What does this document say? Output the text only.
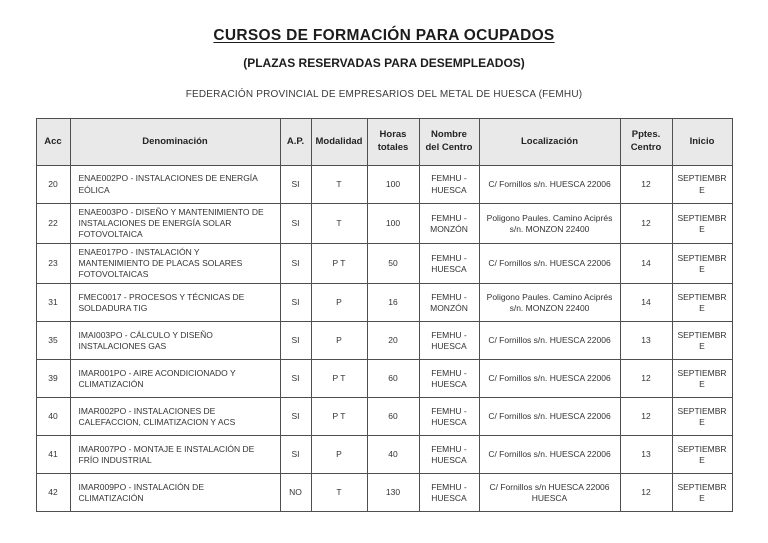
CURSOS DE FORMACIÓN PARA OCUPADOS
(PLAZAS RESERVADAS PARA DESEMPLEADOS)

FEDERACIÓN PROVINCIAL DE EMPRESARIOS DEL METAL DE HUESCA (FEMHU)

Acc	Denominación	A.P.	Modalidad	Horas totales	Nombre del Centro	Localización	Pptes. Centro	Inicio
20	ENAE002PO - INSTALACIONES DE ENERGÍA EÓLICA	SI	T	100	FEMHU - HUESCA	C/ Fornillos s/n. HUESCA 22006	12	SEPTIEMBRE
22	ENAE003PO - DISEÑO Y MANTENIMIENTO DE INSTALACIONES DE ENERGÍA SOLAR FOTOVOLTAICA	SI	T	100	FEMHU - MONZÓN	Poligono Paules. Camino Aciprés s/n. MONZON 22400	12	SEPTIEMBRE
23	ENAE017PO - INSTALACIÓN Y MANTENIMIENTO DE PLACAS SOLARES FOTOVOLTAICAS	SI	P T	50	FEMHU - HUESCA	C/ Fornillos s/n. HUESCA 22006	14	SEPTIEMBRE
31	FMEC0017 - PROCESOS Y TÉCNICAS DE SOLDADURA TIG	SI	P	16	FEMHU - MONZÓN	Poligono Paules. Camino Aciprés s/n. MONZON 22400	14	SEPTIEMBRE
35	IMAI003PO - CÁLCULO Y DISEÑO INSTALACIONES GAS	SI	P	20	FEMHU - HUESCA	C/ Fornillos s/n. HUESCA 22006	13	SEPTIEMBRE
39	IMAR001PO - AIRE ACONDICIONADO Y CLIMATIZACIÓN	SI	P T	60	FEMHU - HUESCA	C/ Fornillos s/n. HUESCA 22006	12	SEPTIEMBRE
40	IMAR002PO - INSTALACIONES DE CALEFACCION, CLIMATIZACION Y ACS	SI	P T	60	FEMHU - HUESCA	C/ Fornillos s/n. HUESCA 22006	12	SEPTIEMBRE
41	IMAR007PO - MONTAJE E INSTALACIÓN DE FRÍO INDUSTRIAL	SI	P	40	FEMHU - HUESCA	C/ Fornillos s/n. HUESCA 22006	13	SEPTIEMBRE
42	IMAR009PO - INSTALACIÓN DE CLIMATIZACIÓN	NO	T	130	FEMHU - HUESCA	C/ Fornillos s/n HUESCA 22006 HUESCA	12	SEPTIEMBRE
